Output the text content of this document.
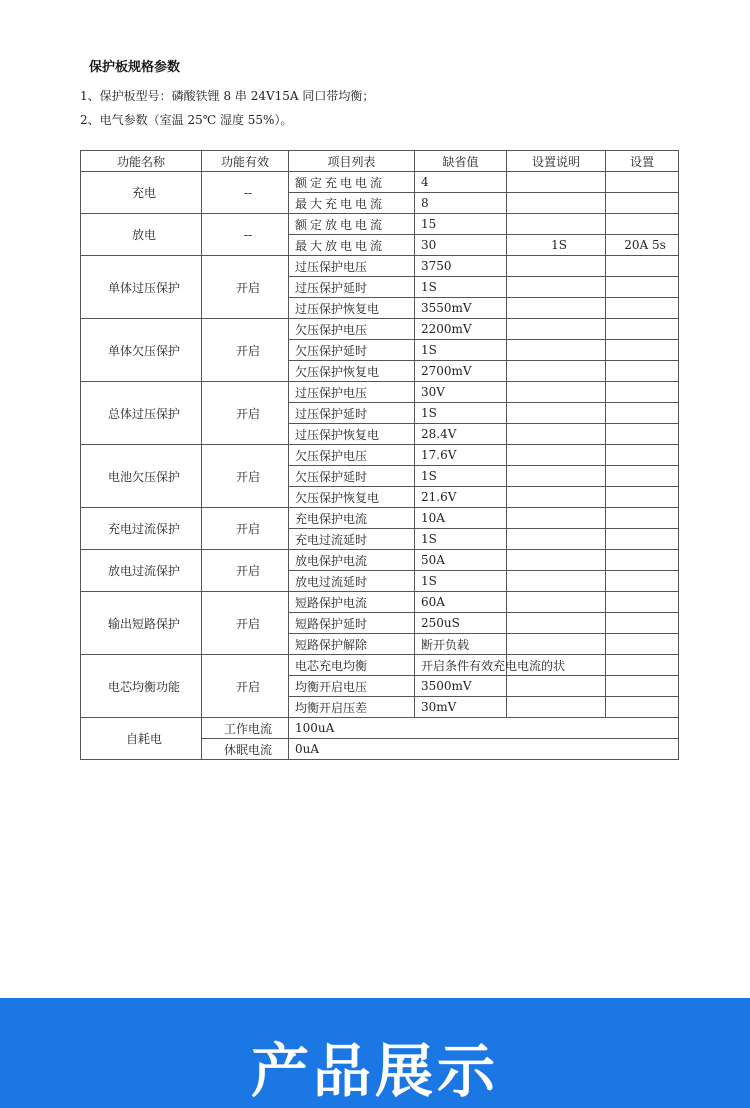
保护板规格参数
1、保护板型号：磷酸铁锂 8 串 24V15A 同口带均衡；
2、电气参数（室温 25℃ 湿度 55%）。
功能名称	功能有效	项目列表	缺省值	设置说明	设置
充电	--	额定充电电流	4		
		最大充电电流	8		
放电	--	额定放电电流	15		
		最大放电电流	30	1S	20A 5s
单体过压保护	开启	过压保护电压	3750		
		过压保护延时	1S		
		过压保护恢复电	3550mV		
单体欠压保护	开启	欠压保护电压	2200mV		
		欠压保护延时	1S		
		欠压保护恢复电	2700mV		
总体过压保护	开启	过压保护电压	30V		
		过压保护延时	1S		
		过压保护恢复电	28.4V		
电池欠压保护	开启	欠压保护电压	17.6V		
		欠压保护延时	1S		
		欠压保护恢复电	21.6V		
充电过流保护	开启	充电保护电流	10A		
		充电过流延时	1S		
放电过流保护	开启	放电保护电流	50A		
		放电过流延时	1S		
输出短路保护	开启	短路保护电流	60A		
		短路保护延时	250uS		
		短路保护解除	断开负载		
电芯均衡功能	开启	电芯充电均衡	开启条件有效充电电流的状		
		均衡开启电压	3500mV		
		均衡开启压差	30mV		
自耗电	工作电流	100uA			
	休眠电流	0uA			
产品展示
